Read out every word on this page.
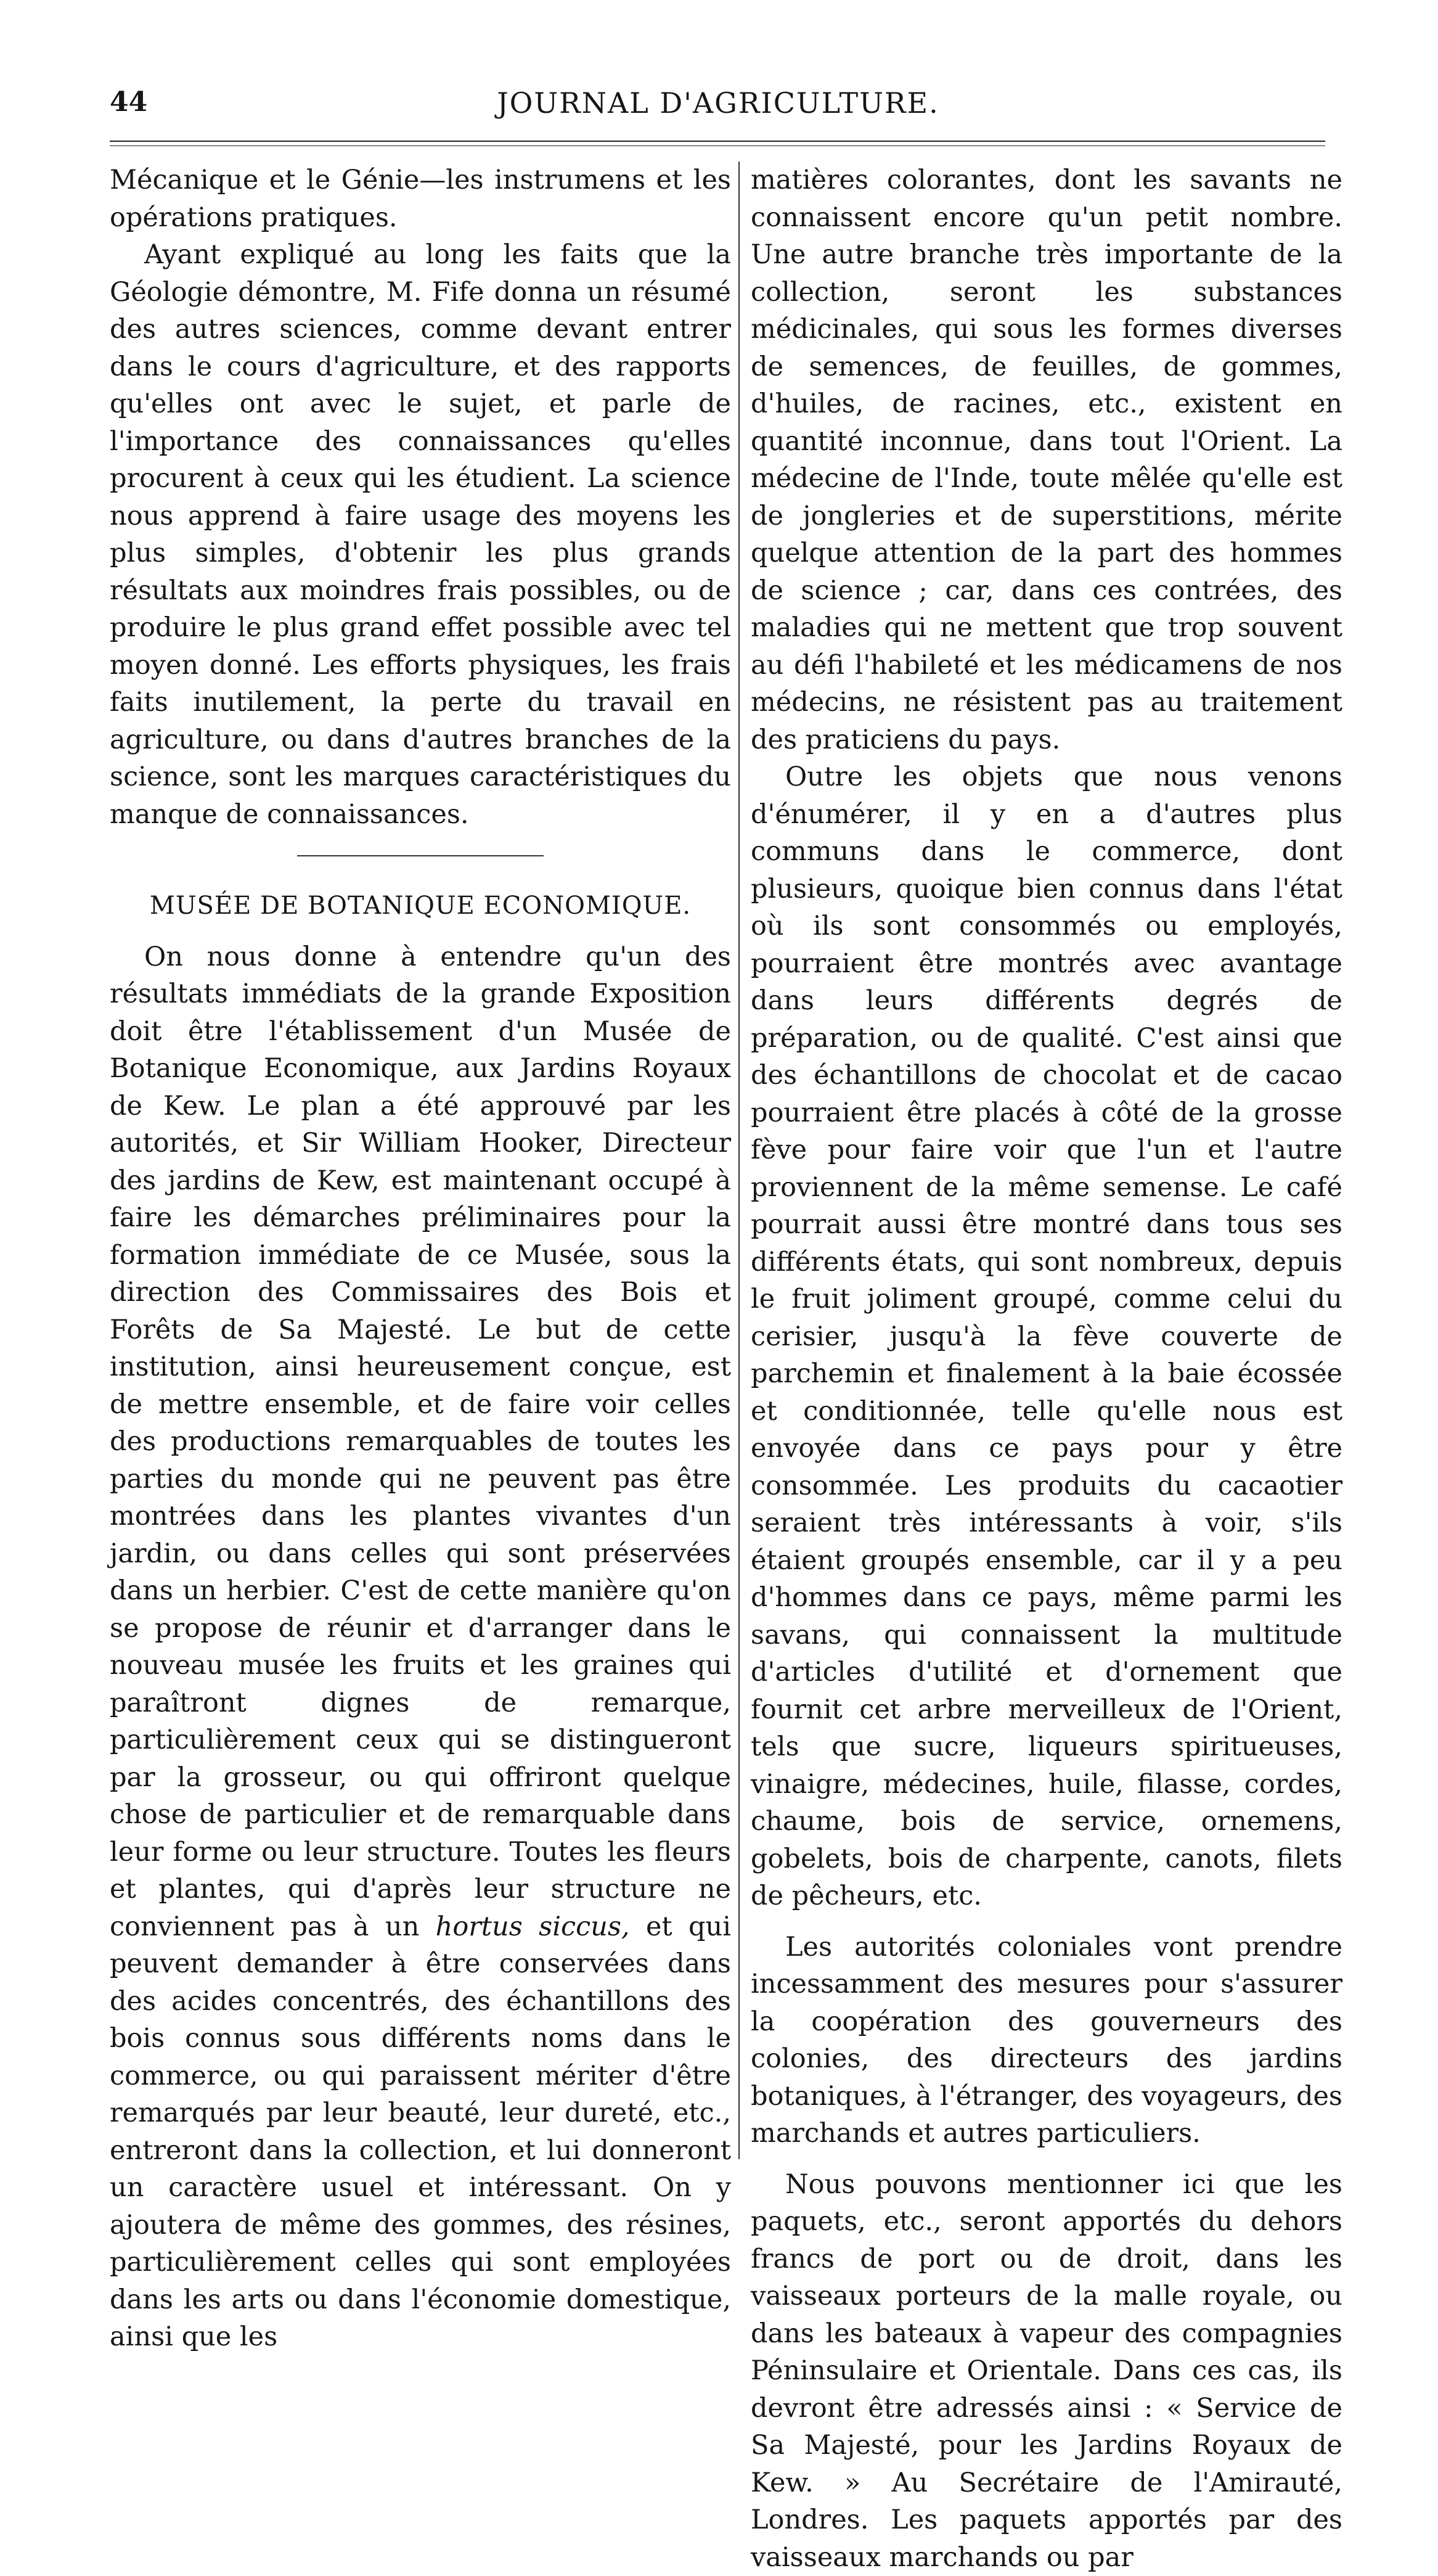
44	JOURNAL D'AGRICULTURE.

Mécanique et le Génie—les instrumens et les opérations pratiques.

Ayant expliqué au long les faits que la Géologie démontre, M. Fife donna un résumé des autres sciences, comme devant entrer dans le cours d'agriculture, et des rapports qu'elles ont avec le sujet, et parle de l'importance des connaissances qu'elles procurent à ceux qui les étudient. La science nous apprend à faire usage des moyens les plus simples, d'obtenir les plus grands résultats aux moindres frais possibles, ou de produire le plus grand effet possible avec tel moyen donné. Les efforts physiques, les frais faits inutilement, la perte du travail en agriculture, ou dans d'autres branches de la science, sont les marques caractéristiques du manque de connaissances.

MUSÉE DE BOTANIQUE ECONOMIQUE.

On nous donne à entendre qu'un des résultats immédiats de la grande Exposition doit être l'établissement d'un Musée de Botanique Economique, aux Jardins Royaux de Kew. Le plan a été approuvé par les autorités, et Sir William Hooker, Directeur des jardins de Kew, est maintenant occupé à faire les démarches préliminaires pour la formation immédiate de ce Musée, sous la direction des Commissaires des Bois et Forêts de Sa Majesté. Le but de cette institution, ainsi heureusement conçue, est de mettre ensemble, et de faire voir celles des productions remarquables de toutes les parties du monde qui ne peuvent pas être montrées dans les plantes vivantes d'un jardin, ou dans celles qui sont préservées dans un herbier. C'est de cette manière qu'on se propose de réunir et d'arranger dans le nouveau musée les fruits et les graines qui paraîtront dignes de remarque, particulièrement ceux qui se distingueront par la grosseur, ou qui offriront quelque chose de particulier et de remarquable dans leur forme ou leur structure. Toutes les fleurs et plantes, qui d'après leur structure ne conviennent pas à un hortus siccus, et qui peuvent demander à être conservées dans des acides concentrés, des échantillons des bois connus sous différents noms dans le commerce, ou qui paraissent mériter d'être remarqués par leur beauté, leur dureté, etc., entreront dans la collection, et lui donneront un caractère usuel et intéressant. On y ajoutera de même des gommes, des résines, particulièrement celles qui sont employées dans les arts ou dans l'économie domestique, ainsi que les

matières colorantes, dont les savants ne connaissent encore qu'un petit nombre. Une autre branche très importante de la collection, seront les substances médicinales, qui sous les formes diverses de semences, de feuilles, de gommes, d'huiles, de racines, etc., existent en quantité inconnue, dans tout l'Orient. La médecine de l'Inde, toute mêlée qu'elle est de jongleries et de superstitions, mérite quelque attention de la part des hommes de science ; car, dans ces contrées, des maladies qui ne mettent que trop souvent au défi l'habileté et les médicamens de nos médecins, ne résistent pas au traitement des praticiens du pays.

Outre les objets que nous venons d'énumérer, il y en a d'autres plus communs dans le commerce, dont plusieurs, quoique bien connus dans l'état où ils sont consommés ou employés, pourraient être montrés avec avantage dans leurs différents degrés de préparation, ou de qualité. C'est ainsi que des échantillons de chocolat et de cacao pourraient être placés à côté de la grosse fève pour faire voir que l'un et l'autre proviennent de la même semense. Le café pourrait aussi être montré dans tous ses différents états, qui sont nombreux, depuis le fruit joliment groupé, comme celui du cerisier, jusqu'à la fève couverte de parchemin et finalement à la baie écossée et conditionnée, telle qu'elle nous est envoyée dans ce pays pour y être consommée. Les produits du cacaotier seraient très intéressants à voir, s'ils étaient groupés ensemble, car il y a peu d'hommes dans ce pays, même parmi les savans, qui connaissent la multitude d'articles d'utilité et d'ornement que fournit cet arbre merveilleux de l'Orient, tels que sucre, liqueurs spiritueuses, vinaigre, médecines, huile, filasse, cordes, chaume, bois de service, ornemens, gobelets, bois de charpente, canots, filets de pêcheurs, etc.

Les autorités coloniales vont prendre incessamment des mesures pour s'assurer la coopération des gouverneurs des colonies, des directeurs des jardins botaniques, à l'étranger, des voyageurs, des marchands et autres particuliers.

Nous pouvons mentionner ici que les paquets, etc., seront apportés du dehors francs de port ou de droit, dans les vaisseaux porteurs de la malle royale, ou dans les bateaux à vapeur des compagnies Péninsulaire et Orientale. Dans ces cas, ils devront être adressés ainsi : « Service de Sa Majesté, pour les Jardins Royaux de Kew. » Au Secrétaire de l'Amirauté, Londres. Les paquets apportés par des vaisseaux marchands ou par
